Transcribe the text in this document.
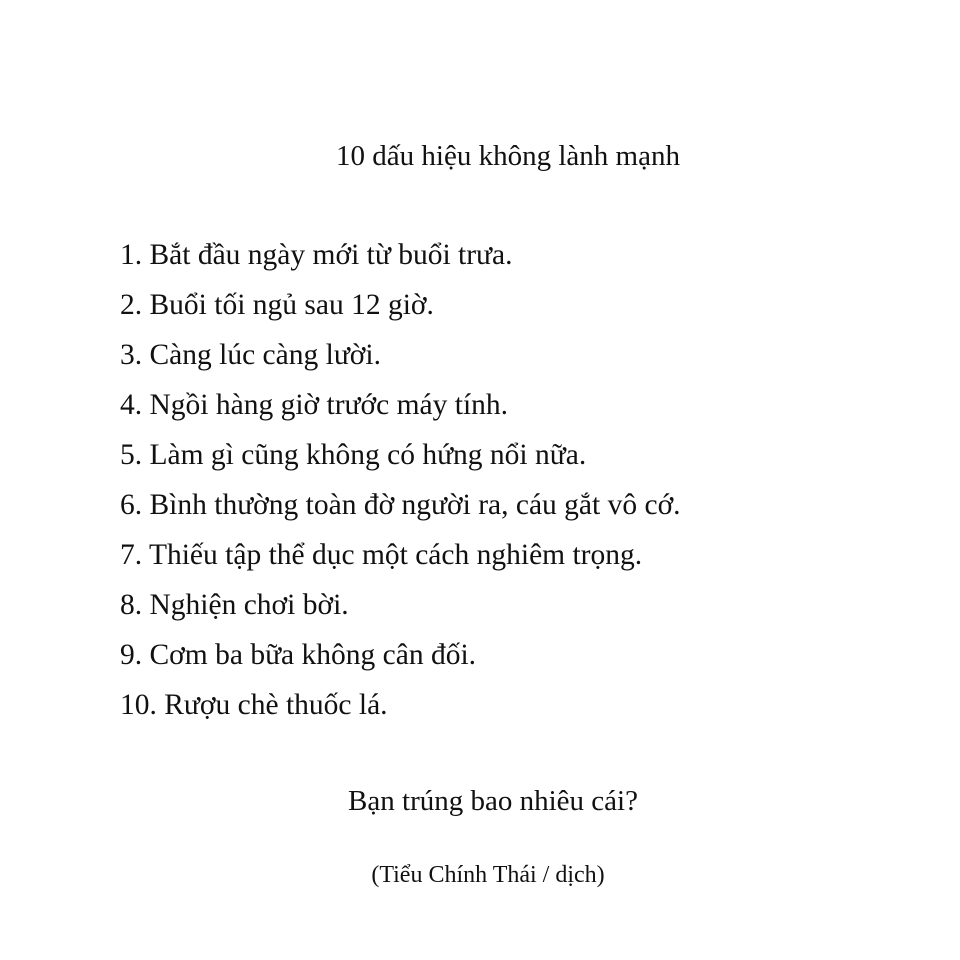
10 dấu hiệu không lành mạnh
1. Bắt đầu ngày mới từ buổi trưa.
2. Buổi tối ngủ sau 12 giờ.
3. Càng lúc càng lười.
4. Ngồi hàng giờ trước máy tính.
5. Làm gì cũng không có hứng nổi nữa.
6. Bình thường toàn đờ người ra, cáu gắt vô cớ.
7. Thiếu tập thể dục một cách nghiêm trọng.
8. Nghiện chơi bời.
9. Cơm ba bữa không cân đối.
10. Rượu chè thuốc lá.

Bạn trúng bao nhiêu cái?

(Tiểu Chính Thái / dịch)
